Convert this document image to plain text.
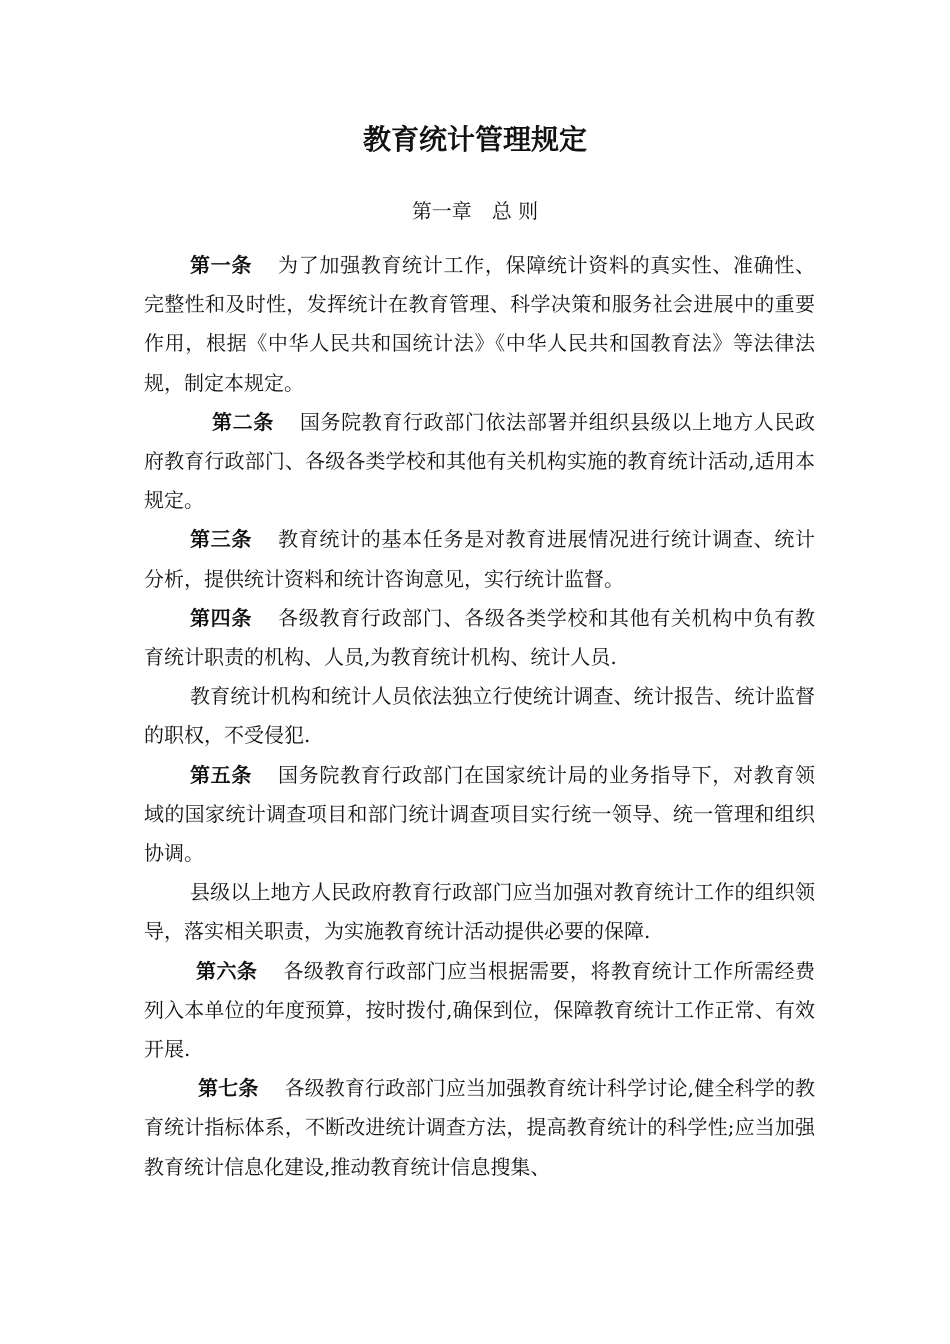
教育统计管理规定
第一章　总 则

第一条 为了加强教育统计工作，保障统计资料的真实性、准确性、完整性和及时性，发挥统计在教育管理、科学决策和服务社会进展中的重要作用，根据《中华人民共和国统计法》《中华人民共和国教育法》等法律法规，制定本规定。

第二条 国务院教育行政部门依法部署并组织县级以上地方人民政府教育行政部门、各级各类学校和其他有关机构实施的教育统计活动,适用本规定。

第三条 教育统计的基本任务是对教育进展情况进行统计调查、统计分析，提供统计资料和统计咨询意见，实行统计监督。

第四条 各级教育行政部门、各级各类学校和其他有关机构中负有教育统计职责的机构、人员,为教育统计机构、统计人员.

教育统计机构和统计人员依法独立行使统计调查、统计报告、统计监督的职权，不受侵犯.

第五条 国务院教育行政部门在国家统计局的业务指导下，对教育领域的国家统计调查项目和部门统计调查项目实行统一领导、统一管理和组织协调。

县级以上地方人民政府教育行政部门应当加强对教育统计工作的组织领导，落实相关职责，为实施教育统计活动提供必要的保障.

第六条 各级教育行政部门应当根据需要，将教育统计工作所需经费列入本单位的年度预算，按时拨付,确保到位，保障教育统计工作正常、有效开展.

第七条 各级教育行政部门应当加强教育统计科学讨论,健全科学的教育统计指标体系，不断改进统计调查方法，提高教育统计的科学性;应当加强教育统计信息化建设,推动教育统计信息搜集、
